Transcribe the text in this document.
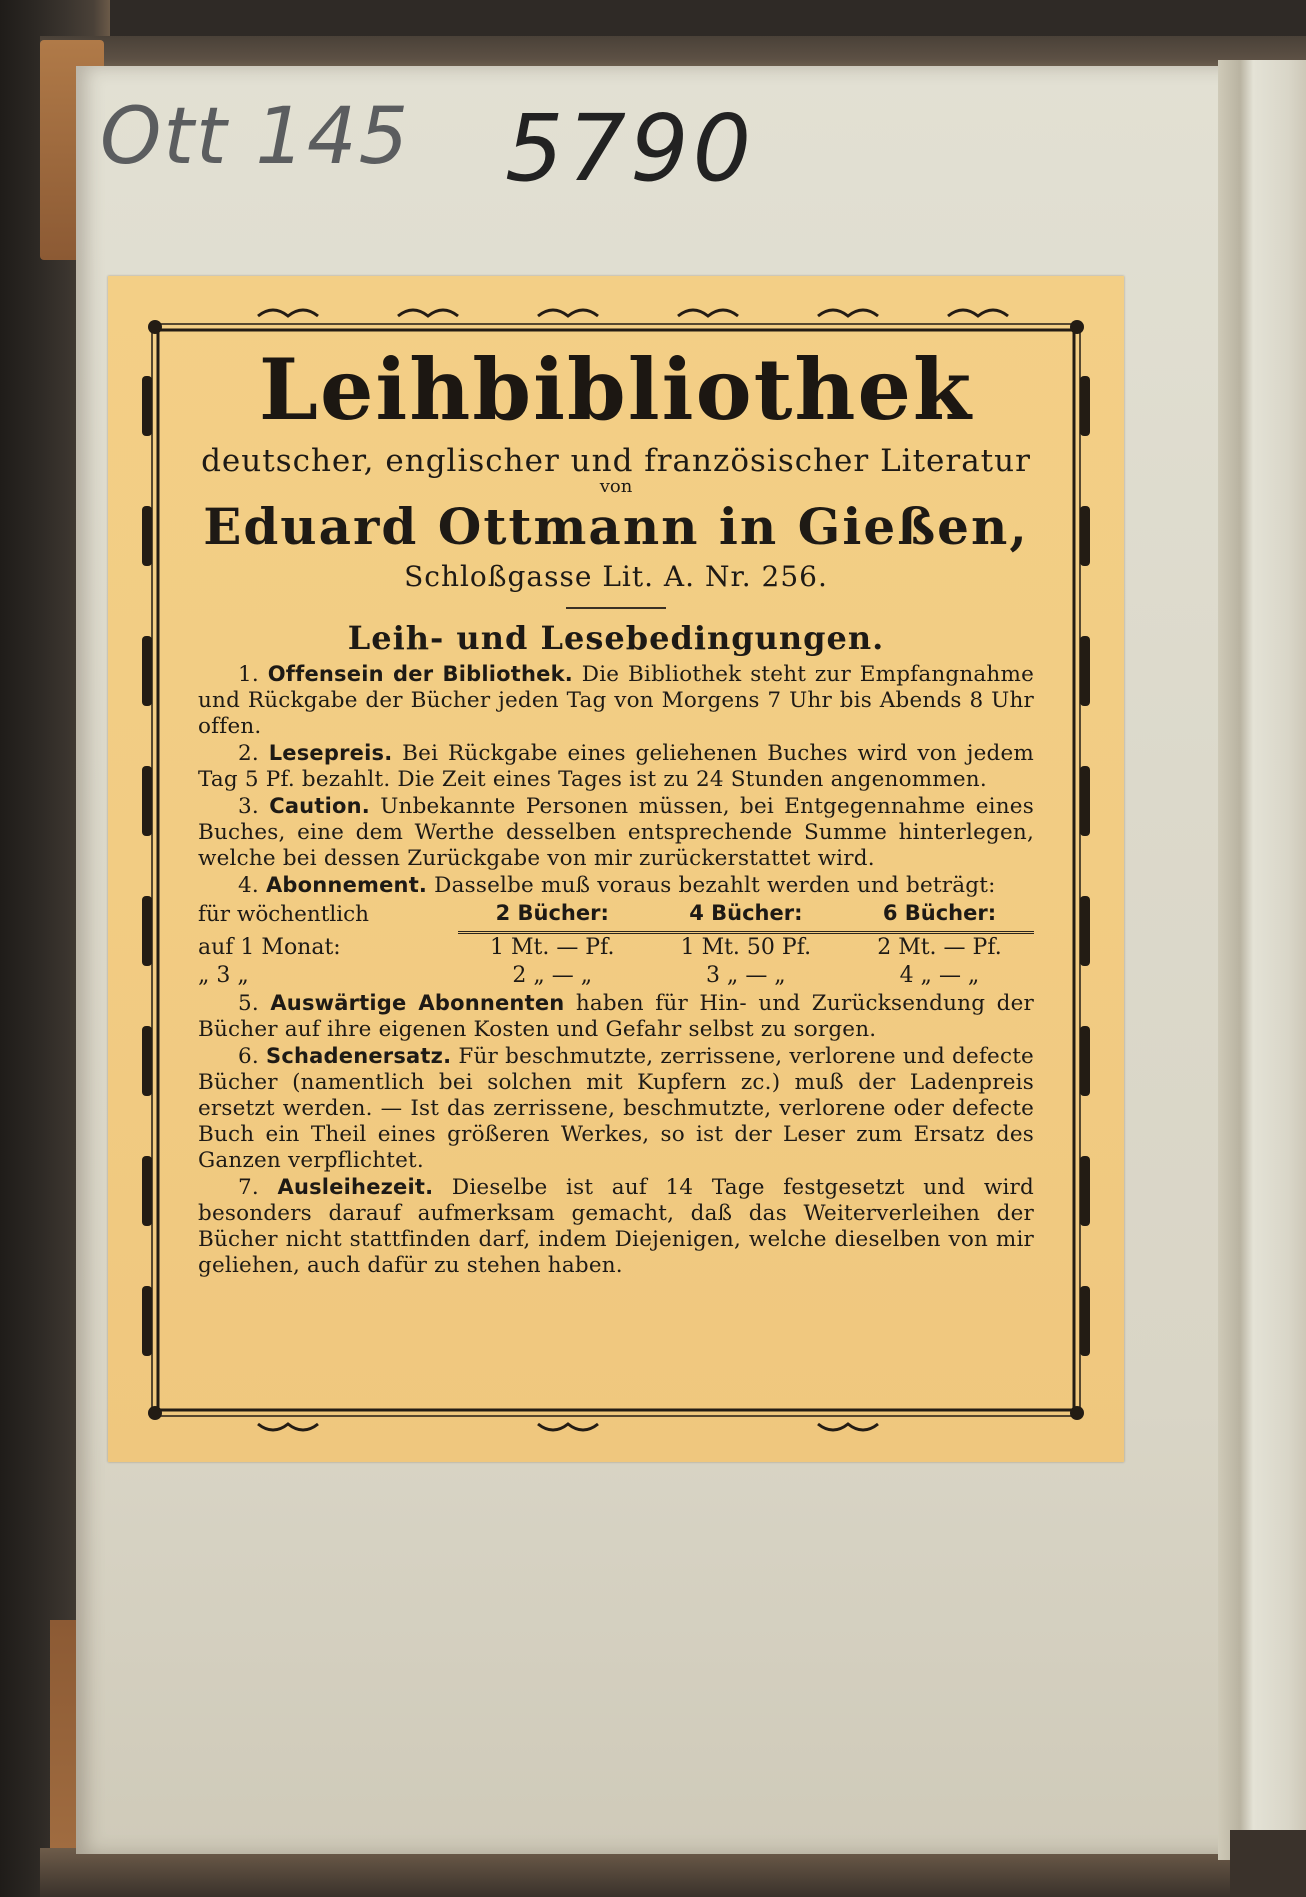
Ott 145 5790
Leihbibliothek
deutscher, englischer und französischer Literatur
von
Eduard Ottmann in Gießen,
Schloßgasse Lit. A. Nr. 256.
Leih- und Lesebedingungen.
1. Offensein der Bibliothek. Die Bibliothek steht zur Empfangnahme und Rückgabe der Bücher jeden Tag von Morgens 7 Uhr bis Abends 8 Uhr offen.
2. Lesepreis. Bei Rückgabe eines geliehenen Buches wird von jedem Tag 5 Pf. bezahlt. Die Zeit eines Tages ist zu 24 Stunden angenommen.
3. Caution. Unbekannte Personen müssen, bei Entgegennahme eines Buches, eine dem Werthe desselben entsprechende Summe hinterlegen, welche bei dessen Zurückgabe von mir zurückerstattet wird.
4. Abonnement. Dasselbe muß voraus bezahlt werden und beträgt:
für wöchentlich	2 Bücher:	4 Bücher:	6 Bücher:
auf 1 Monat:	1 Mt. — Pf.	1 Mt. 50 Pf.	2 Mt. — Pf.
„ 3 „	2 „ — „	3 „ — „	4 „ — „
5. Auswärtige Abonnenten haben für Hin- und Zurücksendung der Bücher auf ihre eigenen Kosten und Gefahr selbst zu sorgen.
6. Schadenersatz. Für beschmutzte, zerrissene, verlorene und defecte Bücher (namentlich bei solchen mit Kupfern zc.) muß der Ladenpreis ersetzt werden. — Ist das zerrissene, beschmutzte, verlorene oder defecte Buch ein Theil eines größeren Werkes, so ist der Leser zum Ersatz des Ganzen verpflichtet.
7. Ausleihezeit. Dieselbe ist auf 14 Tage festgesetzt und wird besonders darauf aufmerksam gemacht, daß das Weiterverleihen der Bücher nicht stattfinden darf, indem Diejenigen, welche dieselben von mir geliehen, auch dafür zu stehen haben.
